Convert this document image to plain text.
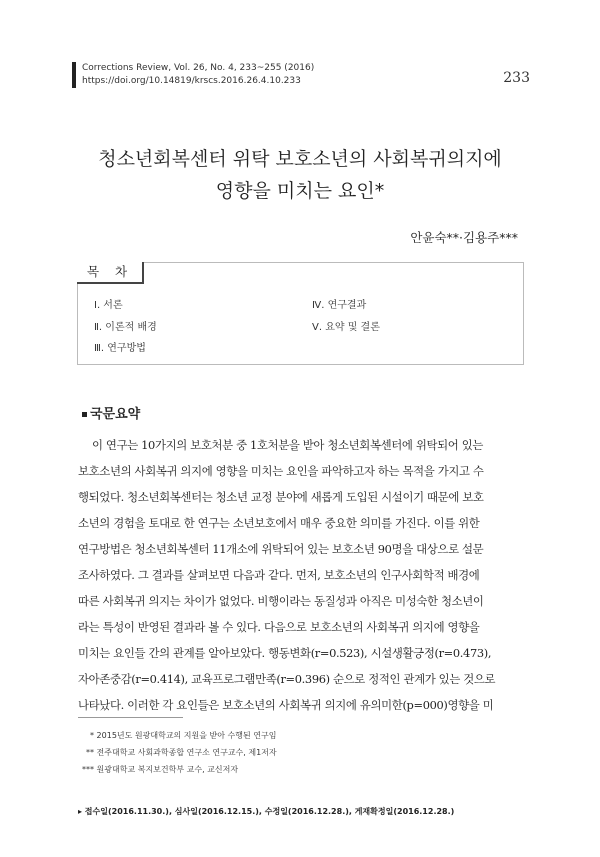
Corrections Review, Vol. 26, No. 4, 233~255 (2016)
https://doi.org/10.14819/krscs.2016.26.4.10.233	233
청소년회복센터 위탁 보호소년의 사회복귀의지에
영향을 미치는 요인*
안윤숙**·김용주***
목 차
Ⅰ. 서론
Ⅱ. 이론적 배경
Ⅲ. 연구방법
Ⅳ. 연구결과
Ⅴ. 요약 및 결론
국문요약
이 연구는 10가지의 보호처분 중 1호처분을 받아 청소년회복센터에 위탁되어 있는
보호소년의 사회복귀 의지에 영향을 미치는 요인을 파악하고자 하는 목적을 가지고 수
행되었다. 청소년회복센터는 청소년 교정 분야에 새롭게 도입된 시설이기 때문에 보호
소년의 경험을 토대로 한 연구는 소년보호에서 매우 중요한 의미를 가진다. 이를 위한
연구방법은 청소년회복센터 11개소에 위탁되어 있는 보호소년 90명을 대상으로 설문
조사하였다. 그 결과를 살펴보면 다음과 같다. 먼저, 보호소년의 인구사회학적 배경에
따른 사회복귀 의지는 차이가 없었다. 비행이라는 동질성과 아직은 미성숙한 청소년이
라는 특성이 반영된 결과라 볼 수 있다. 다음으로 보호소년의 사회복귀 의지에 영향을
미치는 요인들 간의 관계를 알아보았다. 행동변화(r=0.523), 시설생활긍정(r=0.473),
자아존중감(r=0.414), 교육프로그램만족(r=0.396) 순으로 정적인 관계가 있는 것으로
나타났다. 이러한 각 요인들은 보호소년의 사회복귀 의지에 유의미한(p=000)영향을 미
* 2015년도 원광대학교의 지원을 받아 수행된 연구임
** 전주대학교 사회과학종합 연구소 연구교수, 제1저자
*** 원광대학교 복지보건학부 교수, 교신저자
▸ 접수일(2016.11.30.), 심사일(2016.12.15.), 수정일(2016.12.28.), 게재확정일(2016.12.28.)
